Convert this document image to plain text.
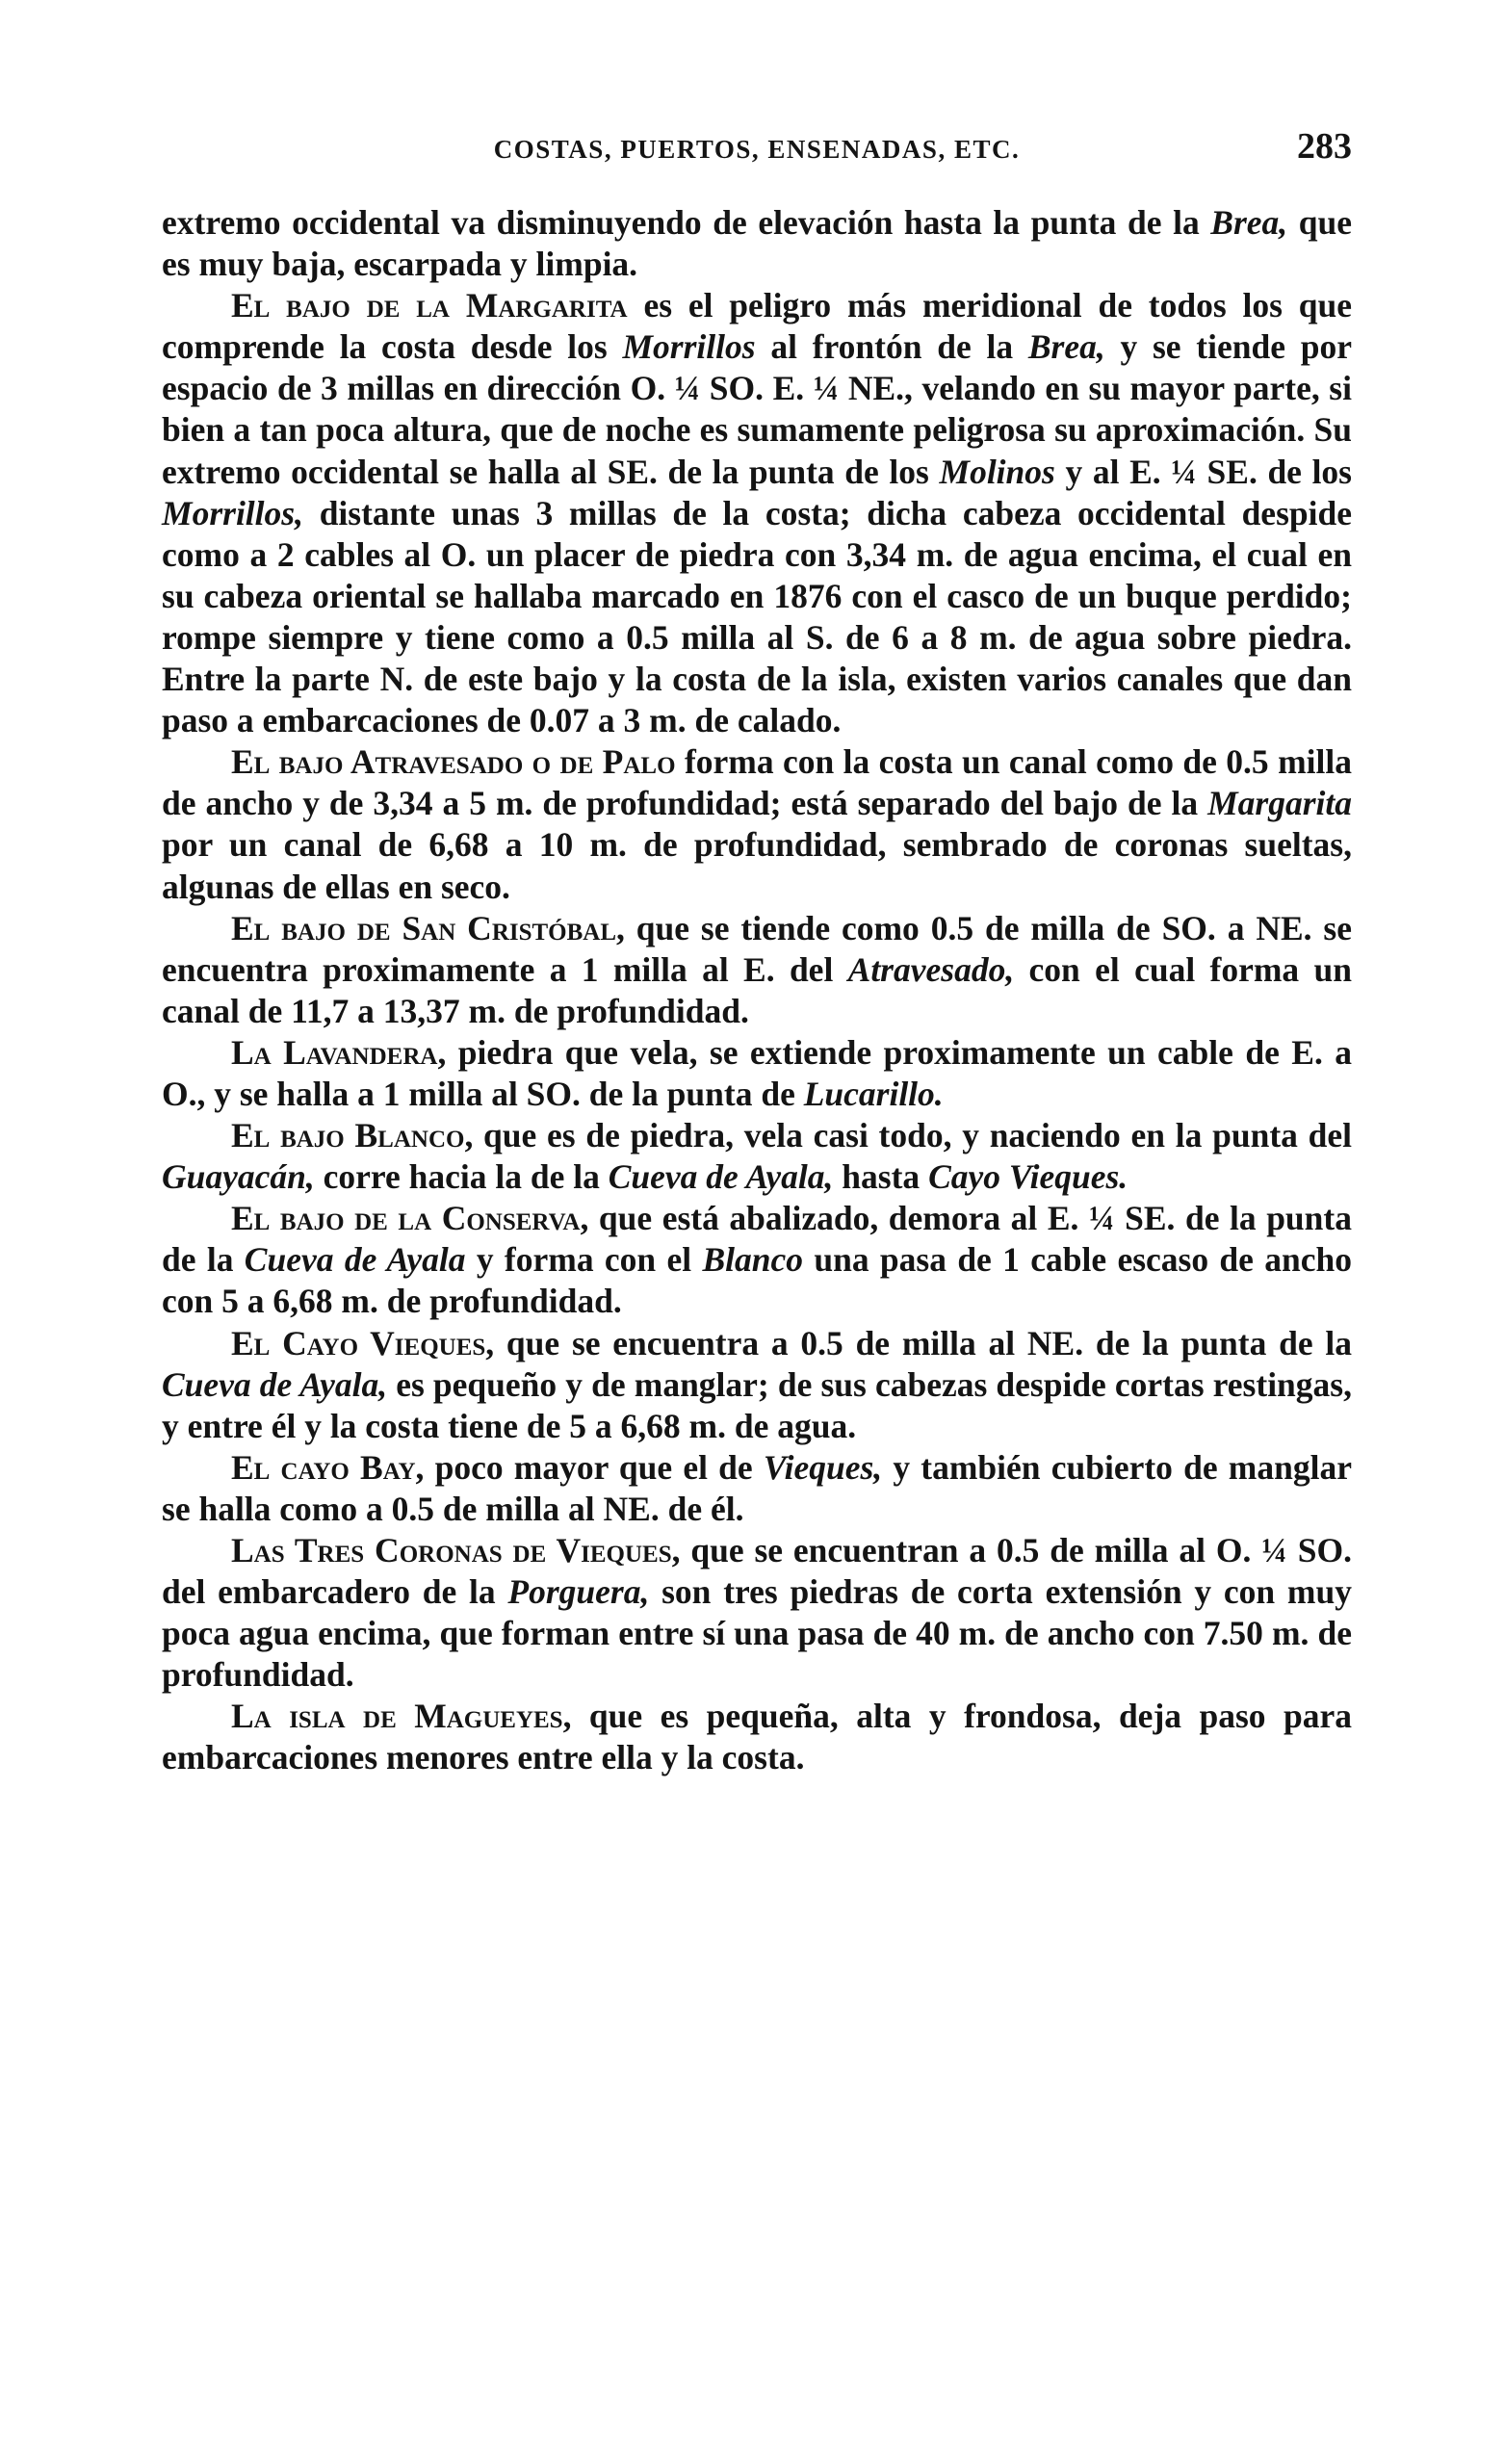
COSTAS, PUERTOS, ENSENADAS, ETC.	283

extremo occidental va disminuyendo de elevación hasta la punta de la Brea, que es muy baja, escarpada y limpia.

El bajo de la Margarita es el peligro más meridional de todos los que comprende la costa desde los Morrillos al frontón de la Brea, y se tiende por espacio de 3 millas en dirección O. ¼ SO. E. ¼ NE., velando en su mayor parte, si bien a tan poca altura, que de noche es sumamente peligrosa su aproximación. Su extremo occidental se halla al SE. de la punta de los Molinos y al E. ¼ SE. de los Morrillos, distante unas 3 millas de la costa; dicha cabeza occidental despide como a 2 cables al O. un placer de piedra con 3,34 m. de agua encima, el cual en su cabeza oriental se hallaba marcado en 1876 con el casco de un buque perdido; rompe siempre y tiene como a 0.5 milla al S. de 6 a 8 m. de agua sobre piedra. Entre la parte N. de este bajo y la costa de la isla, existen varios canales que dan paso a embarcaciones de 0.07 a 3 m. de calado.

El bajo Atravesado o de Palo forma con la costa un canal como de 0.5 milla de ancho y de 3,34 a 5 m. de profundidad; está separado del bajo de la Margarita por un canal de 6,68 a 10 m. de profundidad, sembrado de coronas sueltas, algunas de ellas en seco.

El bajo de San Cristóbal, que se tiende como 0.5 de milla de SO. a NE. se encuentra proximamente a 1 milla al E. del Atravesado, con el cual forma un canal de 11,7 a 13,37 m. de profundidad.

La Lavandera, piedra que vela, se extiende proximamente un cable de E. a O., y se halla a 1 milla al SO. de la punta de Lucarillo.

El bajo Blanco, que es de piedra, vela casi todo, y naciendo en la punta del Guayacán, corre hacia la de la Cueva de Ayala, hasta Cayo Vieques.

El bajo de la Conserva, que está abalizado, demora al E. ¼ SE. de la punta de la Cueva de Ayala y forma con el Blanco una pasa de 1 cable escaso de ancho con 5 a 6,68 m. de profundidad.

El Cayo Vieques, que se encuentra a 0.5 de milla al NE. de la punta de la Cueva de Ayala, es pequeño y de manglar; de sus cabezas despide cortas restingas, y entre él y la costa tiene de 5 a 6,68 m. de agua.

El cayo Bay, poco mayor que el de Vieques, y también cubierto de manglar se halla como a 0.5 de milla al NE. de él.

Las Tres Coronas de Vieques, que se encuentran a 0.5 de milla al O. ¼ SO. del embarcadero de la Porguera, son tres piedras de corta extensión y con muy poca agua encima, que forman entre sí una pasa de 40 m. de ancho con 7.50 m. de profundidad.

La isla de Magueyes, que es pequeña, alta y frondosa, deja paso para embarcaciones menores entre ella y la costa.
